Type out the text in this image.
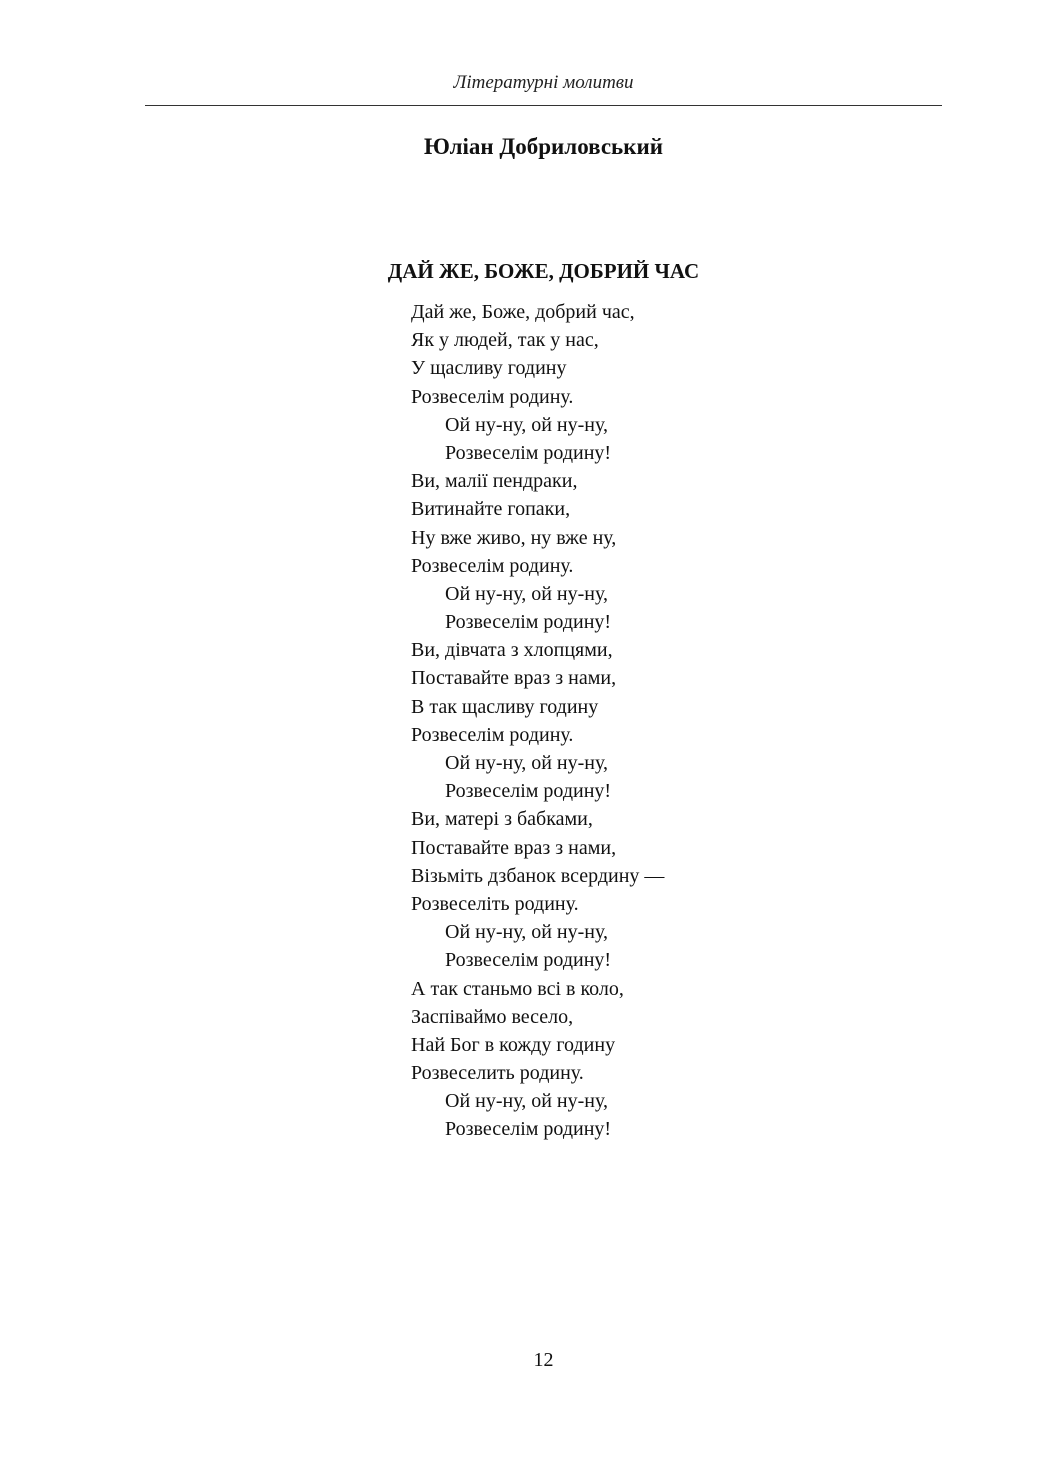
Літературні молитви
Юліан Добриловський
ДАЙ ЖЕ, БОЖЕ, ДОБРИЙ ЧАС
Дай же, Боже, добрий час,
Як у людей, так у нас,
У щасливу годину
Розвеселім родину.
Ой ну-ну, ой ну-ну,
Розвеселім родину!
Ви, малії пендраки,
Витинайте гопаки,
Ну вже живо, ну вже ну,
Розвеселім родину.
Ой ну-ну, ой ну-ну,
Розвеселім родину!
Ви, дівчата з хлопцями,
Поставайте враз з нами,
В так щасливу годину
Розвеселім родину.
Ой ну-ну, ой ну-ну,
Розвеселім родину!
Ви, матері з бабками,
Поставайте враз з нами,
Візьміть дзбанок всердину —
Розвеселіть родину.
Ой ну-ну, ой ну-ну,
Розвеселім родину!
А так станьмо всі в коло,
Заспіваймо весело,
Най Бог в кожду годину
Розвеселить родину.
Ой ну-ну, ой ну-ну,
Розвеселім родину!
12
